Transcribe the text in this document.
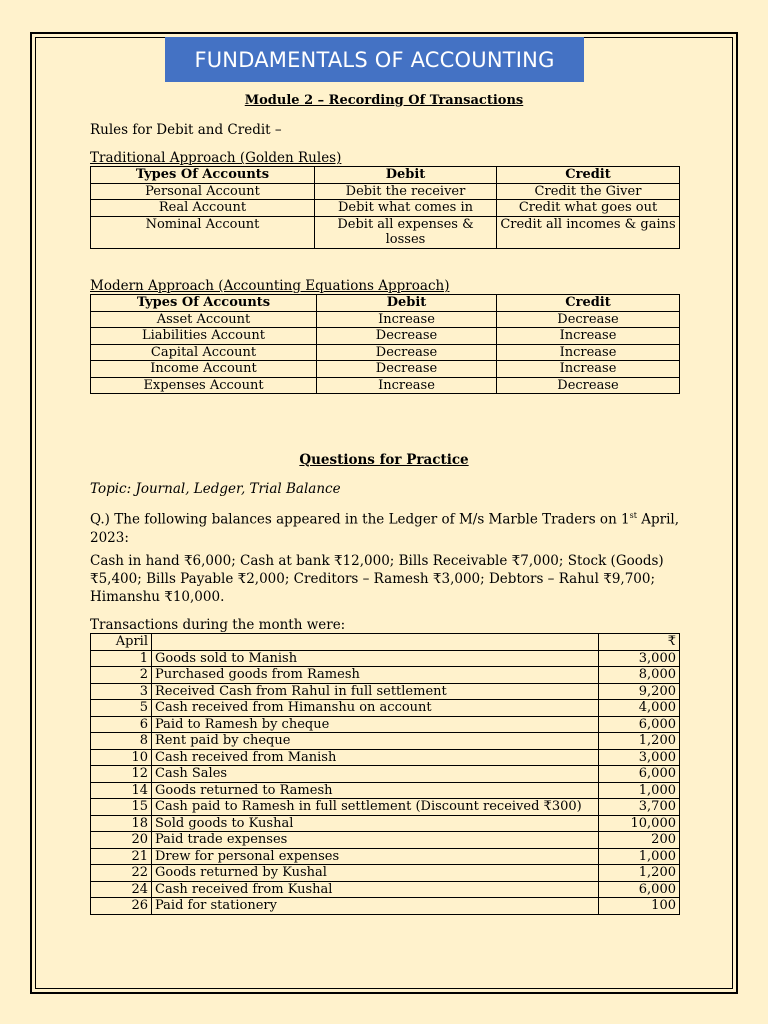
FUNDAMENTALS OF ACCOUNTING
Module 2 – Recording Of Transactions
Rules for Debit and Credit –
Traditional Approach (Golden Rules)
Types Of Accounts	Debit	Credit
Personal Account	Debit the receiver	Credit the Giver
Real Account	Debit what comes in	Credit what goes out
Nominal Account	Debit all expenses & losses	Credit all incomes & gains
Modern Approach (Accounting Equations Approach)
Types Of Accounts	Debit	Credit
Asset Account	Increase	Decrease
Liabilities Account	Decrease	Increase
Capital Account	Decrease	Increase
Income Account	Decrease	Increase
Expenses Account	Increase	Decrease
Questions for Practice
Topic: Journal, Ledger, Trial Balance
Q.) The following balances appeared in the Ledger of M/s Marble Traders on 1st April, 2023:
Cash in hand ₹6,000; Cash at bank ₹12,000; Bills Receivable ₹7,000; Stock (Goods) ₹5,400; Bills Payable ₹2,000; Creditors – Ramesh ₹3,000; Debtors – Rahul ₹9,700; Himanshu ₹10,000.
Transactions during the month were:
April		₹
1	Goods sold to Manish	3,000
2	Purchased goods from Ramesh	8,000
3	Received Cash from Rahul in full settlement	9,200
5	Cash received from Himanshu on account	4,000
6	Paid to Ramesh by cheque	6,000
8	Rent paid by cheque	1,200
10	Cash received from Manish	3,000
12	Cash Sales	6,000
14	Goods returned to Ramesh	1,000
15	Cash paid to Ramesh in full settlement (Discount received ₹300)	3,700
18	Sold goods to Kushal	10,000
20	Paid trade expenses	200
21	Drew for personal expenses	1,000
22	Goods returned by Kushal	1,200
24	Cash received from Kushal	6,000
26	Paid for stationery	100
